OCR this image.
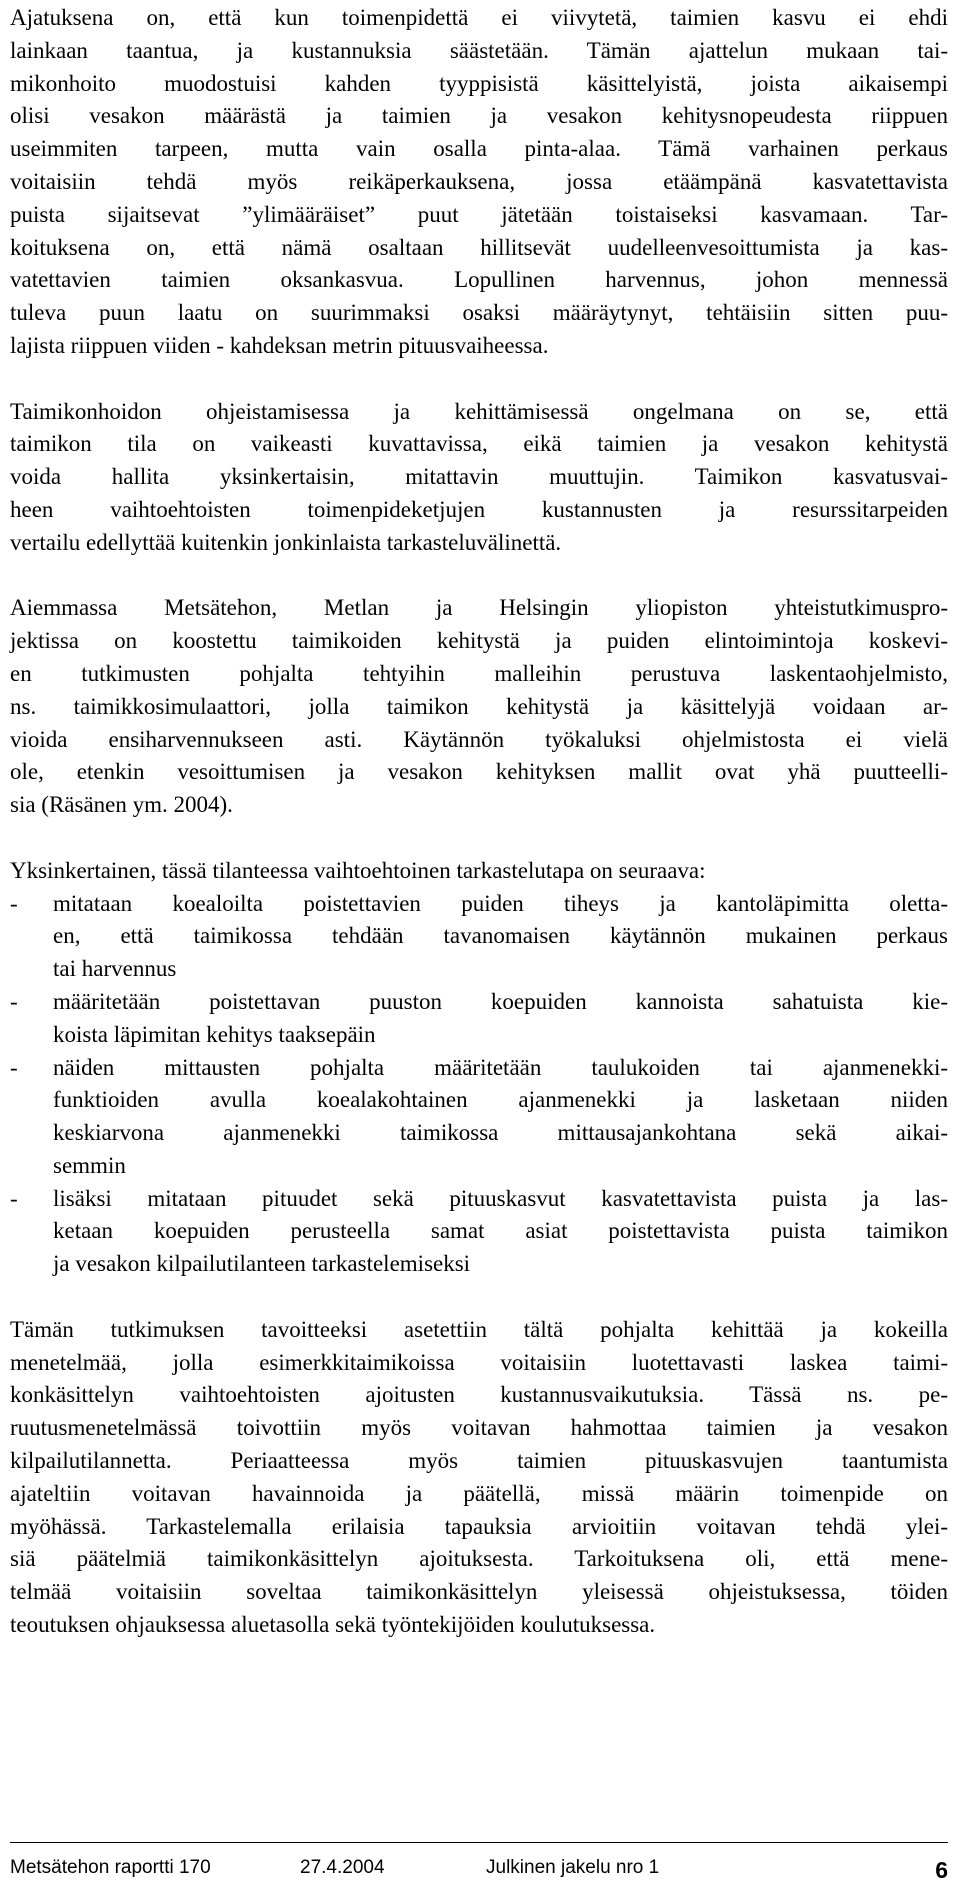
Ajatuksena on, että kun toimenpidettä ei viivytetä, taimien kasvu ei ehdi
lainkaan taantua, ja kustannuksia säästetään. Tämän ajattelun mukaan tai-
mikonhoito muodostuisi kahden tyyppisistä käsittelyistä, joista aikaisempi
olisi vesakon määrästä ja taimien ja vesakon kehitysnopeudesta riippuen
useimmiten tarpeen, mutta vain osalla pinta-alaa. Tämä varhainen perkaus
voitaisiin tehdä myös reikäperkauksena, jossa etäämpänä kasvatettavista
puista sijaitsevat ”ylimääräiset” puut jätetään toistaiseksi kasvamaan. Tar-
koituksena on, että nämä osaltaan hillitsevät uudelleenvesoittumista ja kas-
vatettavien taimien oksankasvua. Lopullinen harvennus, johon mennessä
tuleva puun laatu on suurimmaksi osaksi määräytynyt, tehtäisiin sitten puu-
lajista riippuen viiden - kahdeksan metrin pituusvaiheessa.
Taimikonhoidon ohjeistamisessa ja kehittämisessä ongelmana on se, että
taimikon tila on vaikeasti kuvattavissa, eikä taimien ja vesakon kehitystä
voida hallita yksinkertaisin, mitattavin muuttujin. Taimikon kasvatusvai-
heen vaihtoehtoisten toimenpideketjujen kustannusten ja resurssitarpeiden
vertailu edellyttää kuitenkin jonkinlaista tarkasteluvälinettä.
Aiemmassa Metsätehon, Metlan ja Helsingin yliopiston yhteistutkimuspro-
jektissa on koostettu taimikoiden kehitystä ja puiden elintoimintoja koskevi-
en tutkimusten pohjalta tehtyihin malleihin perustuva laskentaohjelmisto,
ns. taimikkosimulaattori, jolla taimikon kehitystä ja käsittelyjä voidaan ar-
vioida ensiharvennukseen asti. Käytännön työkaluksi ohjelmistosta ei vielä
ole, etenkin vesoittumisen ja vesakon kehityksen mallit ovat yhä puutteelli-
sia (Räsänen ym. 2004).
Yksinkertainen, tässä tilanteessa vaihtoehtoinen tarkastelutapa on seuraava:
- mitataan koealoilta poistettavien puiden tiheys ja kantoläpimitta oletta-
en, että taimikossa tehdään tavanomaisen käytännön mukainen perkaus
tai harvennus
- määritetään poistettavan puuston koepuiden kannoista sahatuista kie-
koista läpimitan kehitys taaksepäin
- näiden mittausten pohjalta määritetään taulukoiden tai ajanmenekki-
funktioiden avulla koealakohtainen ajanmenekki ja lasketaan niiden
keskiarvona ajanmenekki taimikossa mittausajankohtana sekä aikai-
semmin
- lisäksi mitataan pituudet sekä pituuskasvut kasvatettavista puista ja las-
ketaan koepuiden perusteella samat asiat poistettavista puista taimikon
ja vesakon kilpailutilanteen tarkastelemiseksi
Tämän tutkimuksen tavoitteeksi asetettiin tältä pohjalta kehittää ja kokeilla
menetelmää, jolla esimerkkitaimikoissa voitaisiin luotettavasti laskea taimi-
konkäsittelyn vaihtoehtoisten ajoitusten kustannusvaikutuksia. Tässä ns. pe-
ruutusmenetelmässä toivottiin myös voitavan hahmottaa taimien ja vesakon
kilpailutilannetta. Periaatteessa myös taimien pituuskasvujen taantumista
ajateltiin voitavan havainnoida ja päätellä, missä määrin toimenpide on
myöhässä. Tarkastelemalla erilaisia tapauksia arvioitiin voitavan tehdä ylei-
siä päätelmiä taimikonkäsittelyn ajoituksesta. Tarkoituksena oli, että mene-
telmää voitaisiin soveltaa taimikonkäsittelyn yleisessä ohjeistuksessa, töiden
teoutuksen ohjauksessa aluetasolla sekä työntekijöiden koulutuksessa.
Metsätehon raportti 170	27.4.2004	Julkinen jakelu nro 1	6
